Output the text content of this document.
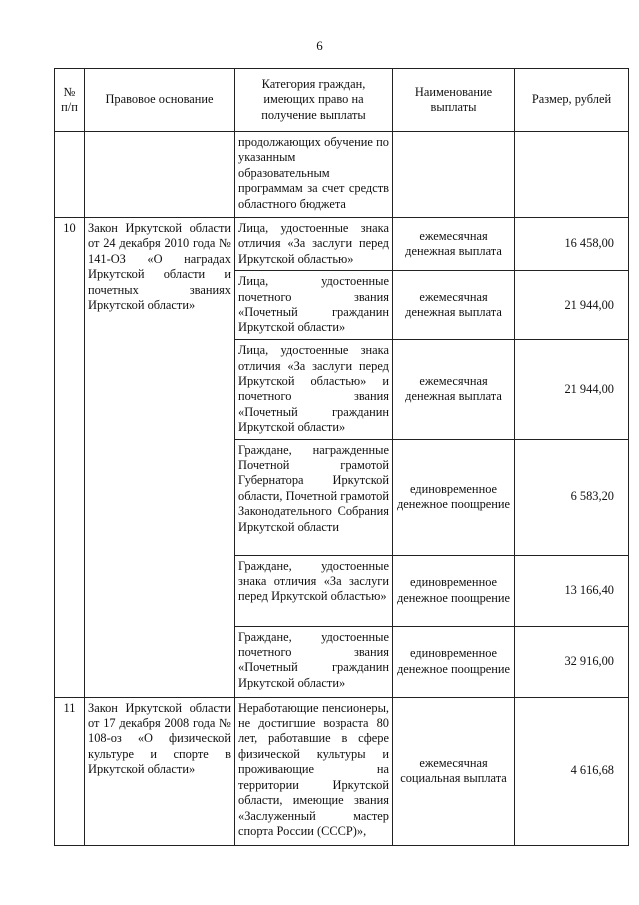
6
№
п/п	Правовое основание	Категория граждан, имеющих право на получение выплаты	Наименование выплаты	Размер, рублей
		продолжающих обучение по указанным образовательным программам за счет средств областного бюджета		
10	Закон Иркутской области от 24 декабря 2010 года № 141-ОЗ «О наградах Иркутской области и почетных званиях Иркутской области»	Лица, удостоенные знака отличия «За заслуги перед Иркутской областью»	ежемесячная денежная выплата	16 458,00
		Лица, удостоенные почетного звания «Почетный гражданин Иркутской области»	ежемесячная денежная выплата	21 944,00
		Лица, удостоенные знака отличия «За заслуги перед Иркутской областью» и почетного звания «Почетный гражданин Иркутской области»	ежемесячная денежная выплата	21 944,00
		Граждане, награжденные Почетной грамотой Губернатора Иркутской области, Почетной грамотой Законодательного Собрания Иркутской области	единовременное денежное поощрение	6 583,20
		Граждане, удостоенные знака отличия «За заслуги перед Иркутской областью»	единовременное денежное поощрение	13 166,40
		Граждане, удостоенные почетного звания «Почетный гражданин Иркутской области»	единовременное денежное поощрение	32 916,00
11	Закон Иркутской области от 17 декабря 2008 года № 108-оз «О физической культуре и спорте в Иркутской области»	Неработающие пенсионеры, не достигшие возраста 80 лет, работавшие в сфере физической культуры и проживающие на территории Иркутской области, имеющие звания «Заслуженный мастер спорта России (СССР)»,	ежемесячная социальная выплата	4 616,68
